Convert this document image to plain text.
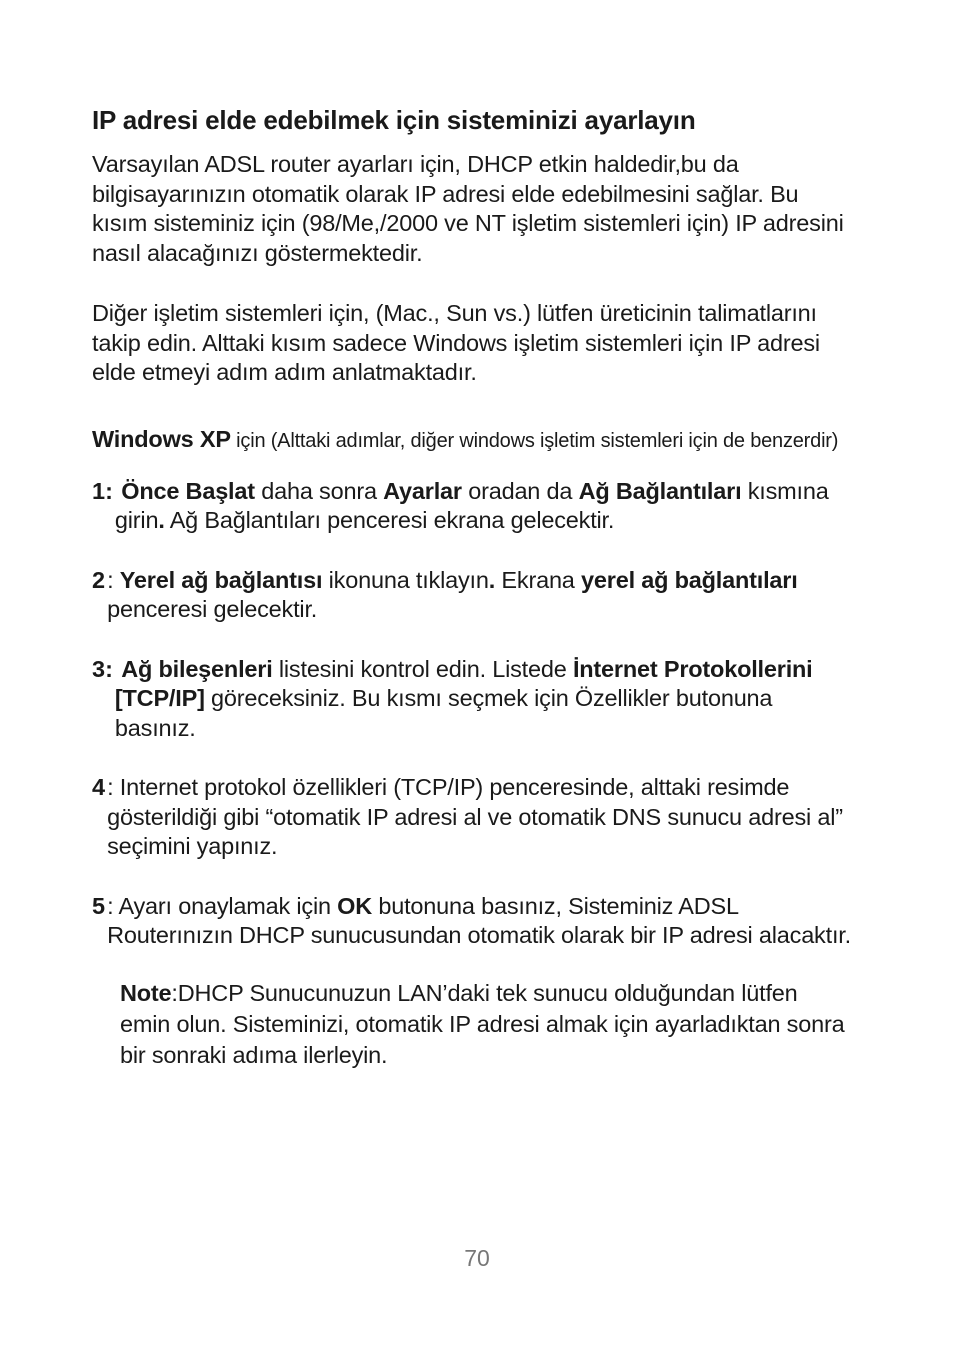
IP adresi elde edebilmek için sisteminizi ayarlayın

Varsayılan ADSL router ayarları için, DHCP etkin haldedir,bu da bilgisayarınızın otomatik olarak IP adresi elde edebilmesini sağlar. Bu kısım sisteminiz için (98/Me,/2000 ve NT işletim sistemleri için) IP adresini nasıl alacağınızı göstermektedir.

Diğer işletim sistemleri için, (Mac., Sun vs.) lütfen üreticinin talimatlarını takip edin. Alttaki kısım sadece Windows işletim sistemleri için IP adresi elde etmeyi adım adım anlatmaktadır.

Windows XP için (Alttaki adımlar, diğer windows işletim sistemleri için de benzerdir)

1: Önce Başlat daha sonra Ayarlar oradan da Ağ Bağlantıları kısmına girin. Ağ Bağlantıları penceresi ekrana gelecektir.
2 : Yerel ağ bağlantısı ikonuna tıklayın. Ekrana yerel ağ bağlantıları penceresi gelecektir.
3: Ağ bileşenleri listesini kontrol edin. Listede İnternet Protokollerini [TCP/IP] göreceksiniz. Bu kısmı seçmek için Özellikler butonuna basınız.
4 : Internet protokol özellikleri (TCP/IP) penceresinde, alttaki resimde gösterildiği gibi “otomatik IP adresi al ve otomatik DNS sunucu adresi al” seçimini yapınız.
5 : Ayarı onaylamak için OK butonuna basınız, Sisteminiz ADSL Routerınızın DHCP sunucusundan otomatik olarak bir IP adresi alacaktır.

Note:DHCP Sunucunuzun LAN’daki tek sunucu olduğundan lütfen emin olun. Sisteminizi, otomatik IP adresi almak için ayarladıktan sonra bir sonraki adıma ilerleyin.

70
